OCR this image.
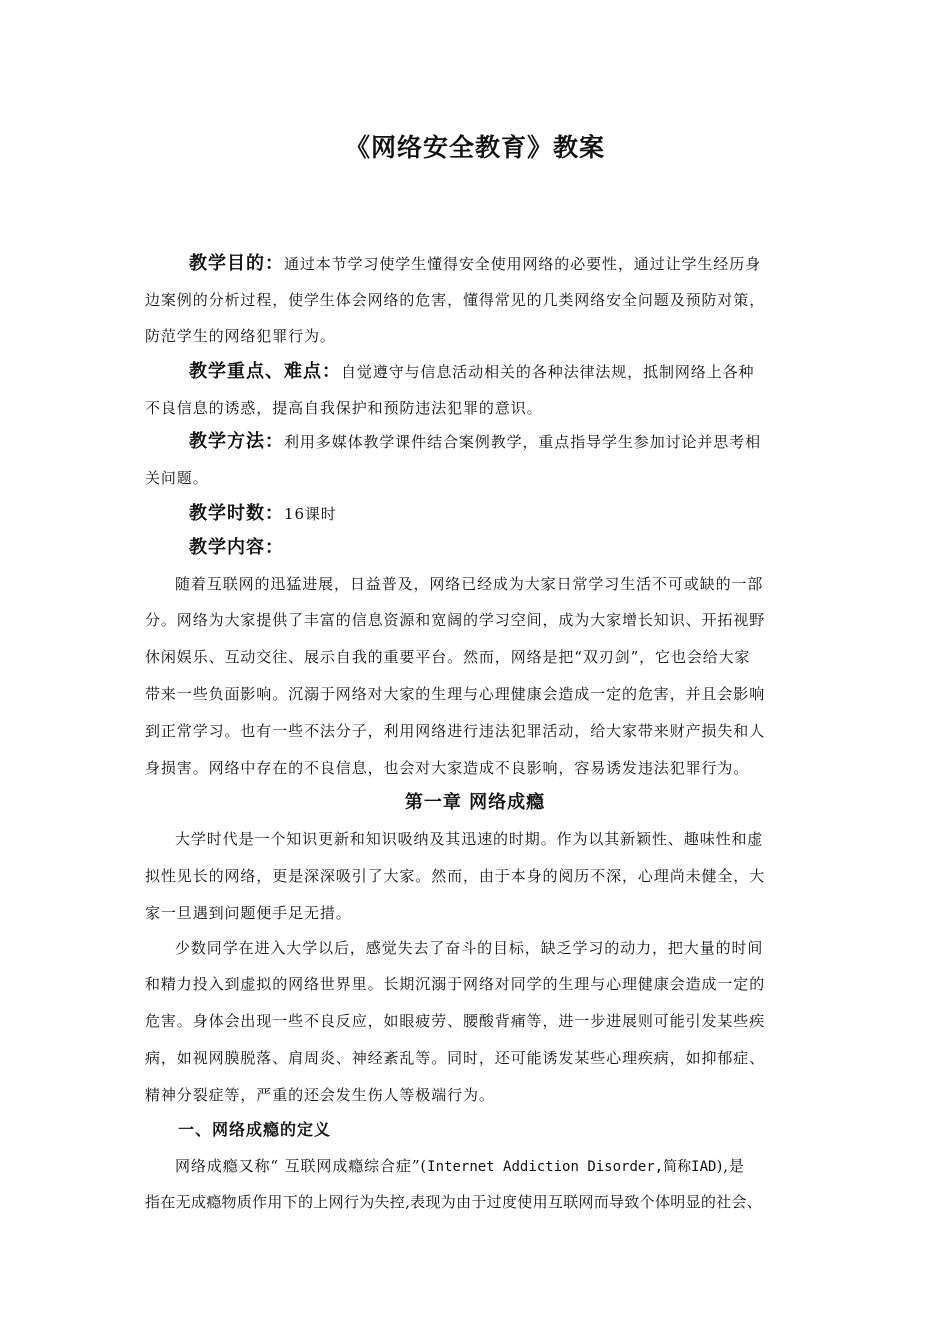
《网络安全教育》教案
教学目的：通过本节学习使学生懂得安全使用网络的必要性，通过让学生经历身
边案例的分析过程，使学生体会网络的危害，懂得常见的几类网络安全问题及预防对策，
防范学生的网络犯罪行为。
教学重点、难点：自觉遵守与信息活动相关的各种法律法规，抵制网络上各种
不良信息的诱惑，提高自我保护和预防违法犯罪的意识。
教学方法：利用多媒体教学课件结合案例教学，重点指导学生参加讨论并思考相
关问题。
教学时数：16课时
教学内容：
随着互联网的迅猛进展，日益普及，网络已经成为大家日常学习生活不可或缺的一部
分。网络为大家提供了丰富的信息资源和宽阔的学习空间，成为大家增长知识、开拓视野
休闲娱乐、互动交往、展示自我的重要平台。然而，网络是把“双刃剑”，它也会给大家
带来一些负面影响。沉溺于网络对大家的生理与心理健康会造成一定的危害，并且会影响
到正常学习。也有一些不法分子，利用网络进行违法犯罪活动，给大家带来财产损失和人
身损害。网络中存在的不良信息，也会对大家造成不良影响，容易诱发违法犯罪行为。
第一章 网络成瘾
大学时代是一个知识更新和知识吸纳及其迅速的时期。作为以其新颖性、趣味性和虚
拟性见长的网络，更是深深吸引了大家。然而，由于本身的阅历不深，心理尚未健全，大
家一旦遇到问题便手足无措。
少数同学在进入大学以后，感觉失去了奋斗的目标，缺乏学习的动力，把大量的时间
和精力投入到虚拟的网络世界里。长期沉溺于网络对同学的生理与心理健康会造成一定的
危害。身体会出现一些不良反应，如眼疲劳、腰酸背痛等，进一步进展则可能引发某些疾
病，如视网膜脱落、肩周炎、神经紊乱等。同时，还可能诱发某些心理疾病，如抑郁症、
精神分裂症等，严重的还会发生伤人等极端行为。
一、网络成瘾的定义
网络成瘾又称“ 互联网成瘾综合症”(Internet Addiction Disorder,简称IAD),是
指在无成瘾物质作用下的上网行为失控,表现为由于过度使用互联网而导致个体明显的社会、
